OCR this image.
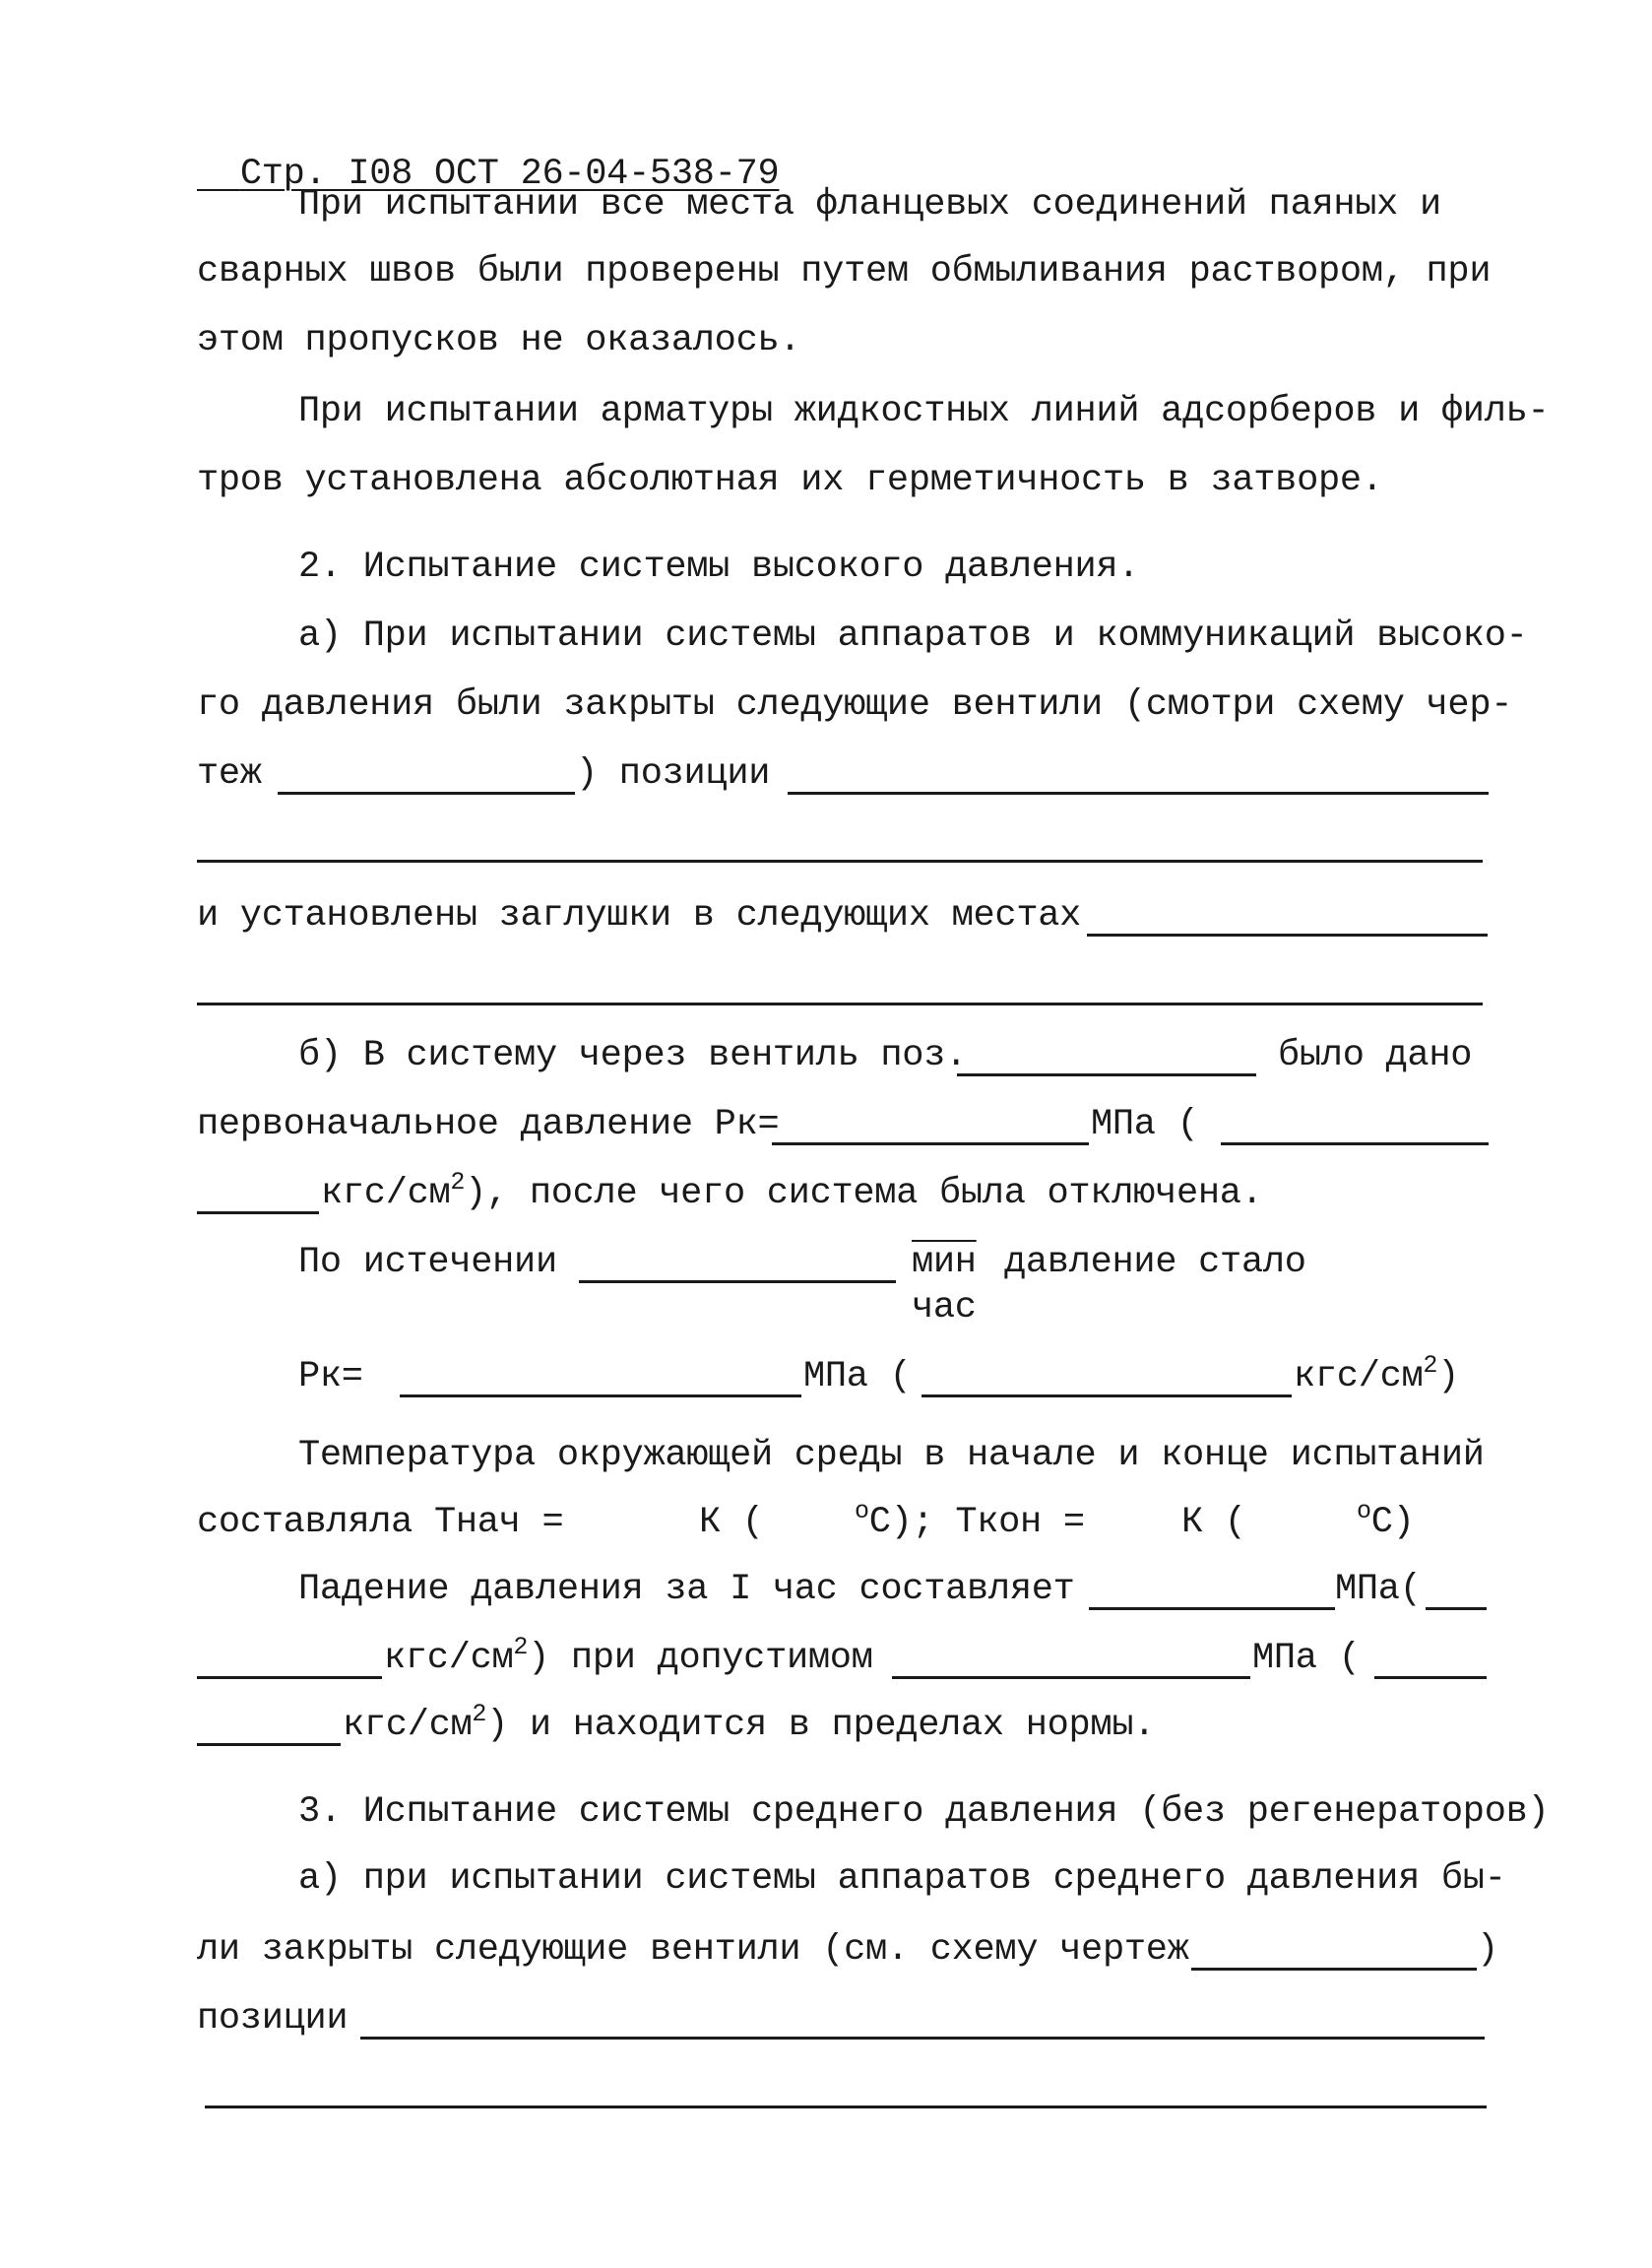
Стр. I08 ОСТ 26-04-538-79

При испытании все места фланцевых соединений паяных и
сварных швов были проверены путем обмыливания раствором, при
этом пропусков не оказалось.
При испытании арматуры жидкостных линий адсорберов и филь-
тров установлена абсолютная их герметичность в затворе.
2. Испытание системы высокого давления.
а) При испытании системы аппаратов и коммуникаций высоко-
го давления были закрыты следующие вентили (смотри схему чер-
теж	) позиции
и установлены заглушки в следующих местах
б) В систему через вентиль поз.	было дано
первоначальное давление Рк=	МПа (
кгс/$см^2$), после чего система была отключена.
По истечении	мин давление стало
час
Рк=	МПа (	кгс/$см^2$)
Температура окружающей среды в начале и конце испытаний
составляла Тнач =	К (	$^o$С); Ткон =	К (	$^o$С)
Падение давления за I час составляет	МПа(
кгс/$см^2$) при допустимом	МПа (
кгс/$см^2$) и находится в пределах нормы.
3. Испытание системы среднего давления (без регенераторов)
а) при испытании системы аппаратов среднего давления бы-
ли закрыты следующие вентили (см. схему чертеж	)
позиции
